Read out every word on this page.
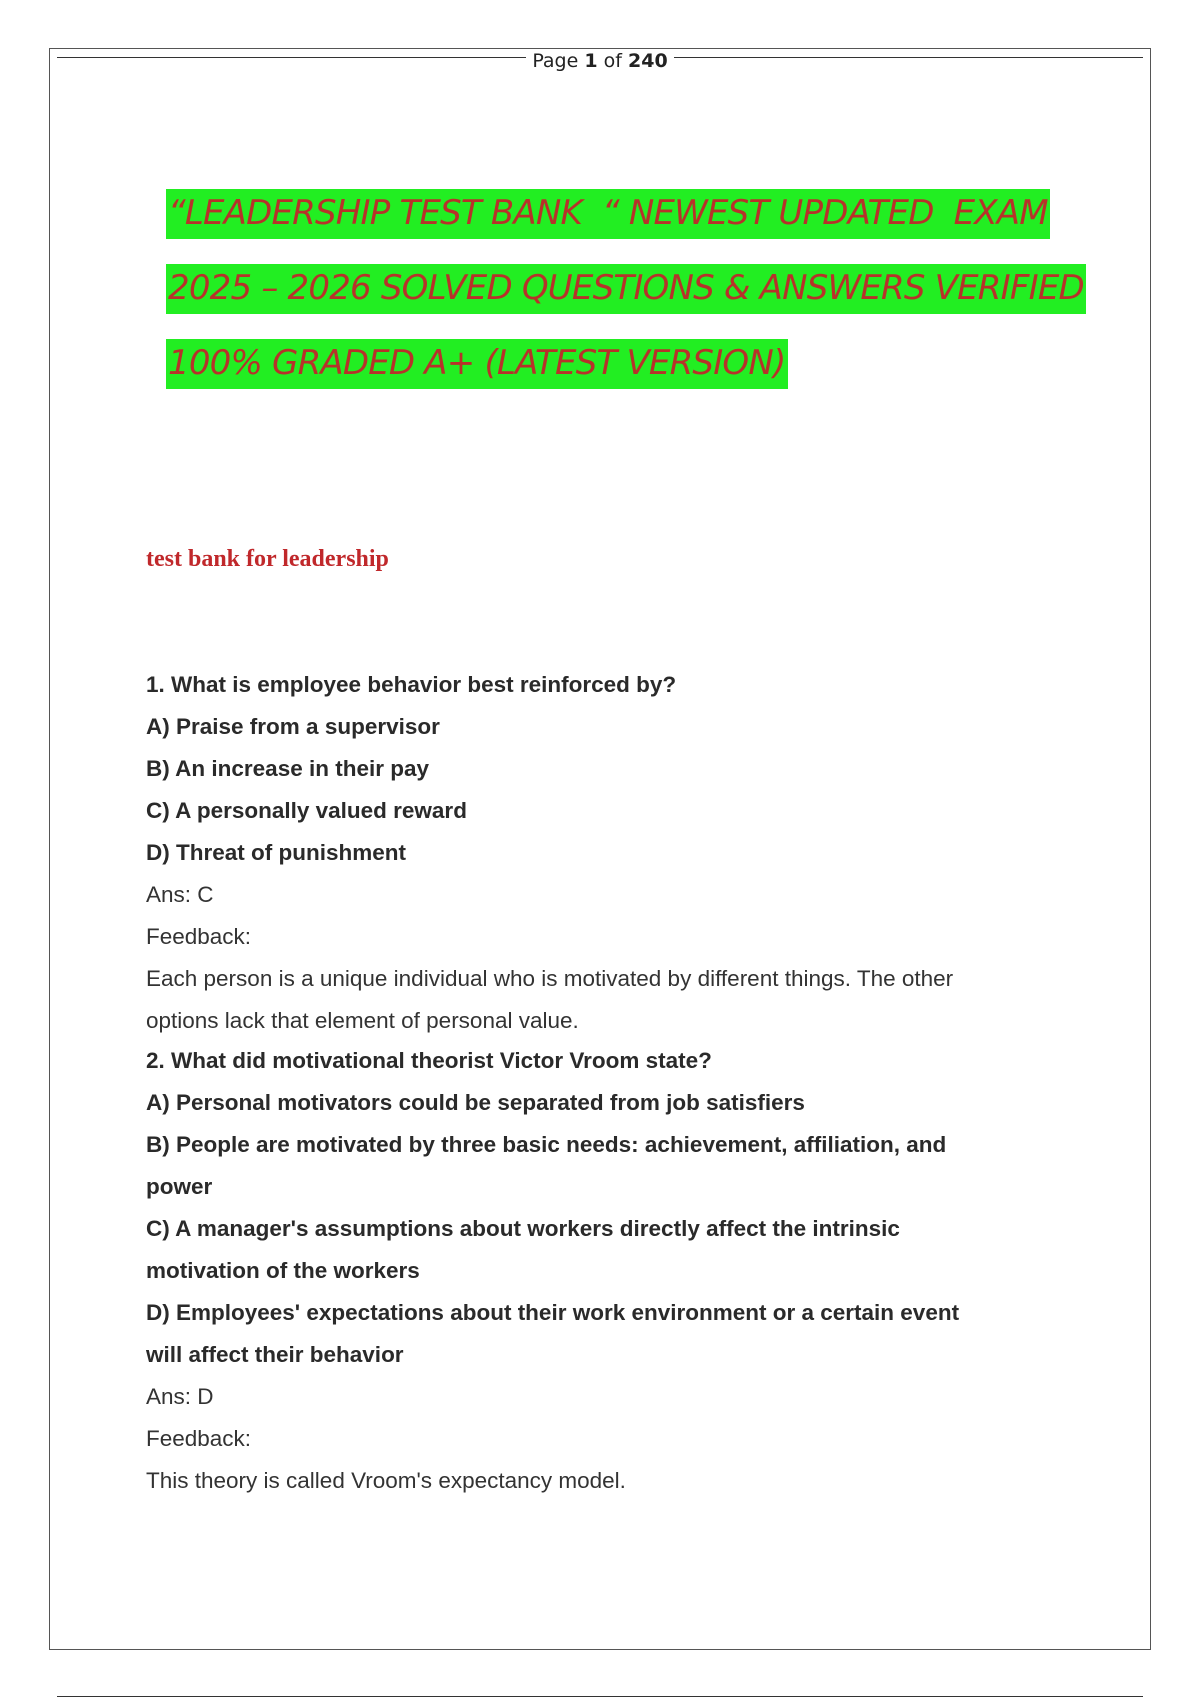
Page 1 of 240

“LEADERSHIP TEST BANK  “ NEWEST UPDATED  EXAM

2025 – 2026 SOLVED QUESTIONS & ANSWERS VERIFIED

100% GRADED A+ (LATEST VERSION)

test bank for leadership
1. What is employee behavior best reinforced by?
A) Praise from a supervisor
B) An increase in their pay
C) A personally valued reward
D) Threat of punishment
Ans: C
Feedback:
Each person is a unique individual who is motivated by different things. The other
options lack that element of personal value.
2. What did motivational theorist Victor Vroom state?
A) Personal motivators could be separated from job satisfiers
B) People are motivated by three basic needs: achievement, affiliation, and
power
C) A manager's assumptions about workers directly affect the intrinsic
motivation of the workers
D) Employees' expectations about their work environment or a certain event
will affect their behavior
Ans: D
Feedback:
This theory is called Vroom's expectancy model.
